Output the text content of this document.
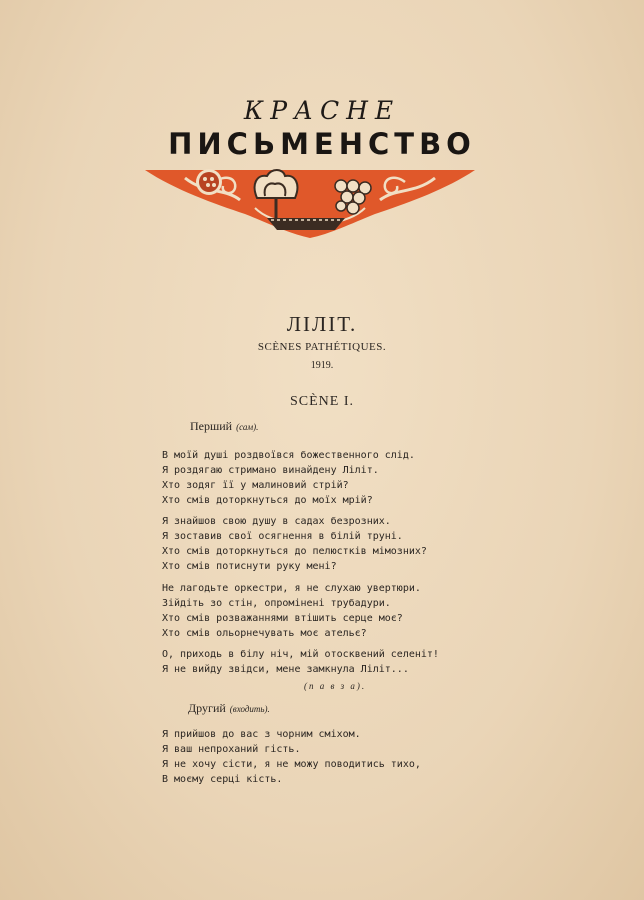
КРАСНЕ
ПИСЬМЕНСТВО
ЛІЛІТ.
SCÈNES PATHÉTIQUES.
1919.
SCÈNE I.
Перший (сам).
В моїй душі роздвоївся божественного слід.
Я роздягаю стримано винайдену Ліліт.
Хто зодяг її у малиновий стрій?
Хто смів доторкнуться до моїх мрій?
Я знайшов свою душу в садах безрозних.
Я зоставив свої осягнення в білій труні.
Хто смів доторкнуться до пелюстків мімозних?
Хто смів потиснути руку мені?
Не лагодьте оркестри, я не слухаю увертюри.
Зійдіть зо стін, опромінені трубадури.
Хто смів розважаннями втішить серце моє?
Хто смів ольорнечувать моє ательє?
О, приходь в білу ніч, мій отосквений селеніт!
Я не вийду звідси, мене замкнула Ліліт...
(п а в з а).
Другий (входить).
Я прийшов до вас з чорним сміхом.
Я ваш непроханий гість.
Я не хочу сісти, я не можу поводитись тихо,
В моєму серці кість.
